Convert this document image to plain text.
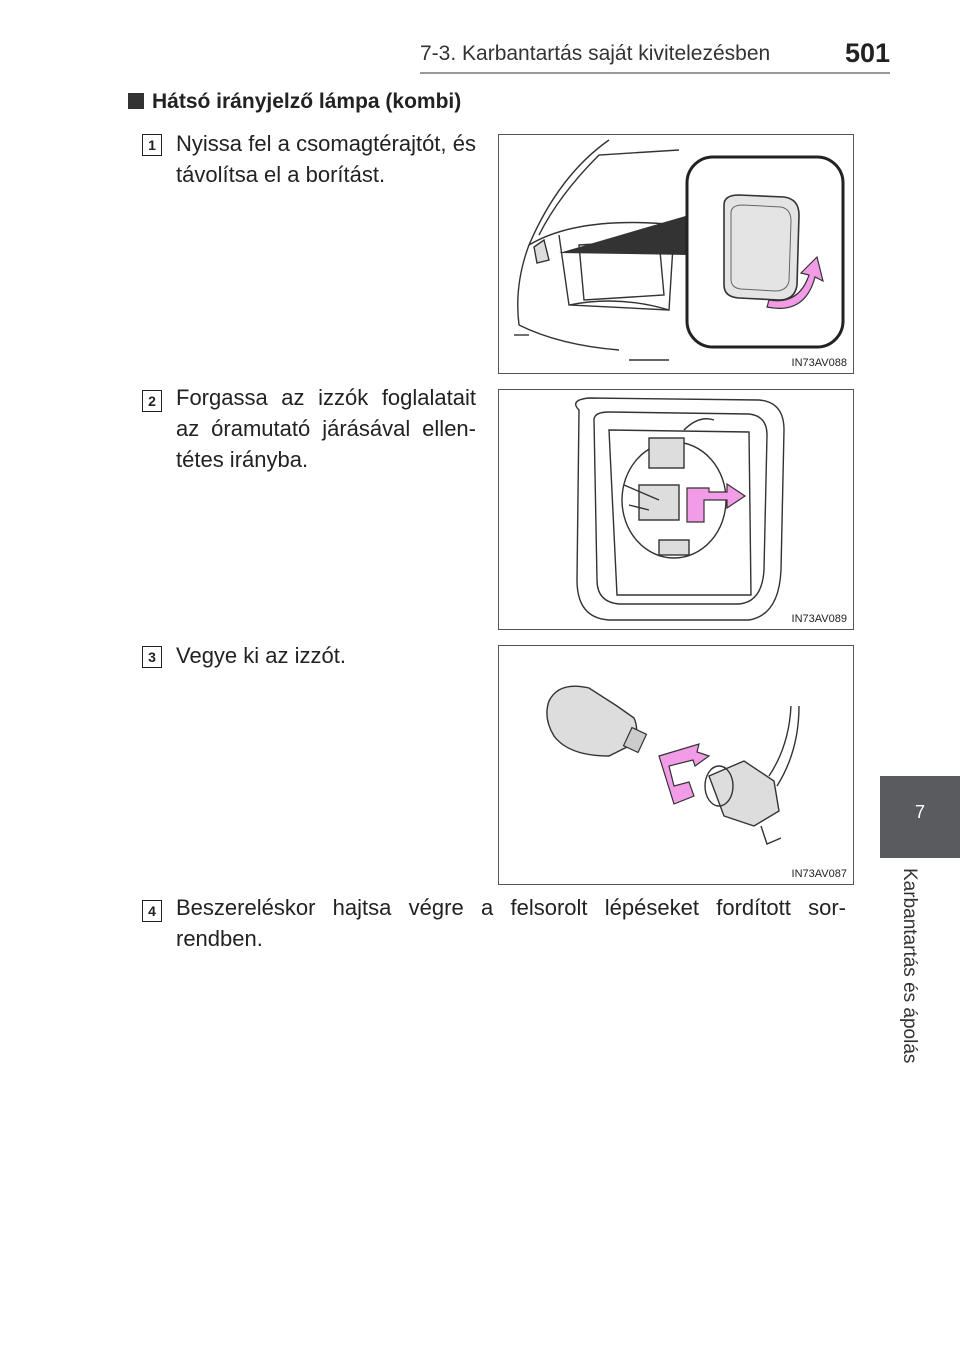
7-3. Karbantartás saját kivitelezésben	501
Hátsó irányjelző lámpa (kombi)
1 Nyissa fel a csomagtérajtót, és távolítsa el a borítást.
IN73AV088
2 Forgassa az izzók foglalatait az óramutató járásával ellen-tétes irányba.
IN73AV089
3 Vegye ki az izzót.
IN73AV087
4 Beszereléskor hajtsa végre a felsorolt lépéseket fordított sor-rendben.
7
Karbantartás és ápolás
